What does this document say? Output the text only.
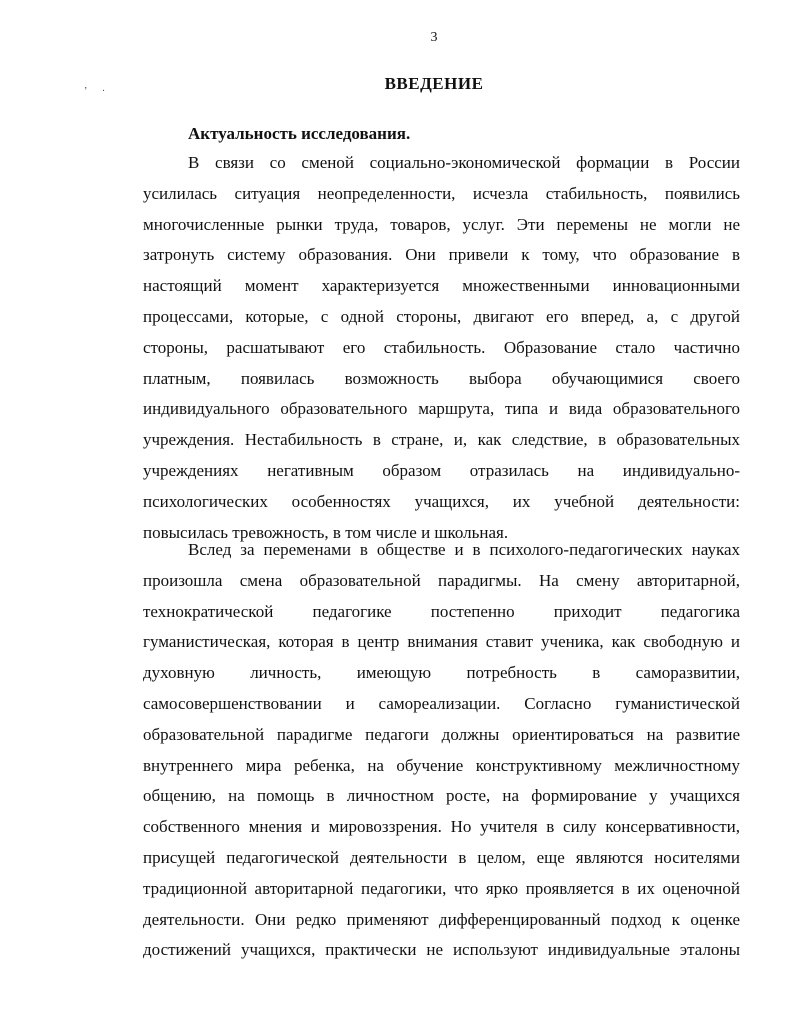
3
ʼ ·	ВВЕДЕНИЕ
Актуальность исследования.
В связи со сменой социально-экономической формации в России
усилилась ситуация неопределенности, исчезла стабильность, появились
многочисленные рынки труда, товаров, услуг. Эти перемены не могли не
затронуть систему образования. Они привели к тому, что образование в
настоящий момент характеризуется множественными инновационными
процессами, которые, с одной стороны, двигают его вперед, а, с другой
стороны, расшатывают его стабильность. Образование стало частично
платным, появилась возможность выбора обучающимися своего
индивидуального образовательного маршрута, типа и вида образовательного
учреждения. Нестабильность в стране, и, как следствие, в образовательных
учреждениях негативным образом отразилась на индивидуально-
психологических особенностях учащихся, их учебной деятельности:
повысилась тревожность, в том числе и школьная.
Вслед за переменами в обществе и в психолого-педагогических науках
произошла смена образовательной парадигмы. На смену авторитарной,
технократической педагогике постепенно приходит педагогика
гуманистическая, которая в центр внимания ставит ученика, как свободную и
духовную личность, имеющую потребность в саморазвитии,
самосовершенствовании и самореализации. Согласно гуманистической
образовательной парадигме педагоги должны ориентироваться на развитие
внутреннего мира ребенка, на обучение конструктивному межличностному
общению, на помощь в личностном росте, на формирование у учащихся
собственного мнения и мировоззрения. Но учителя в силу консервативности,
присущей педагогической деятельности в целом, еще являются носителями
традиционной авторитарной педагогики, что ярко проявляется в их оценочной
деятельности. Они редко применяют дифференцированный подход к оценке
достижений учащихся, практически не используют индивидуальные эталоны
